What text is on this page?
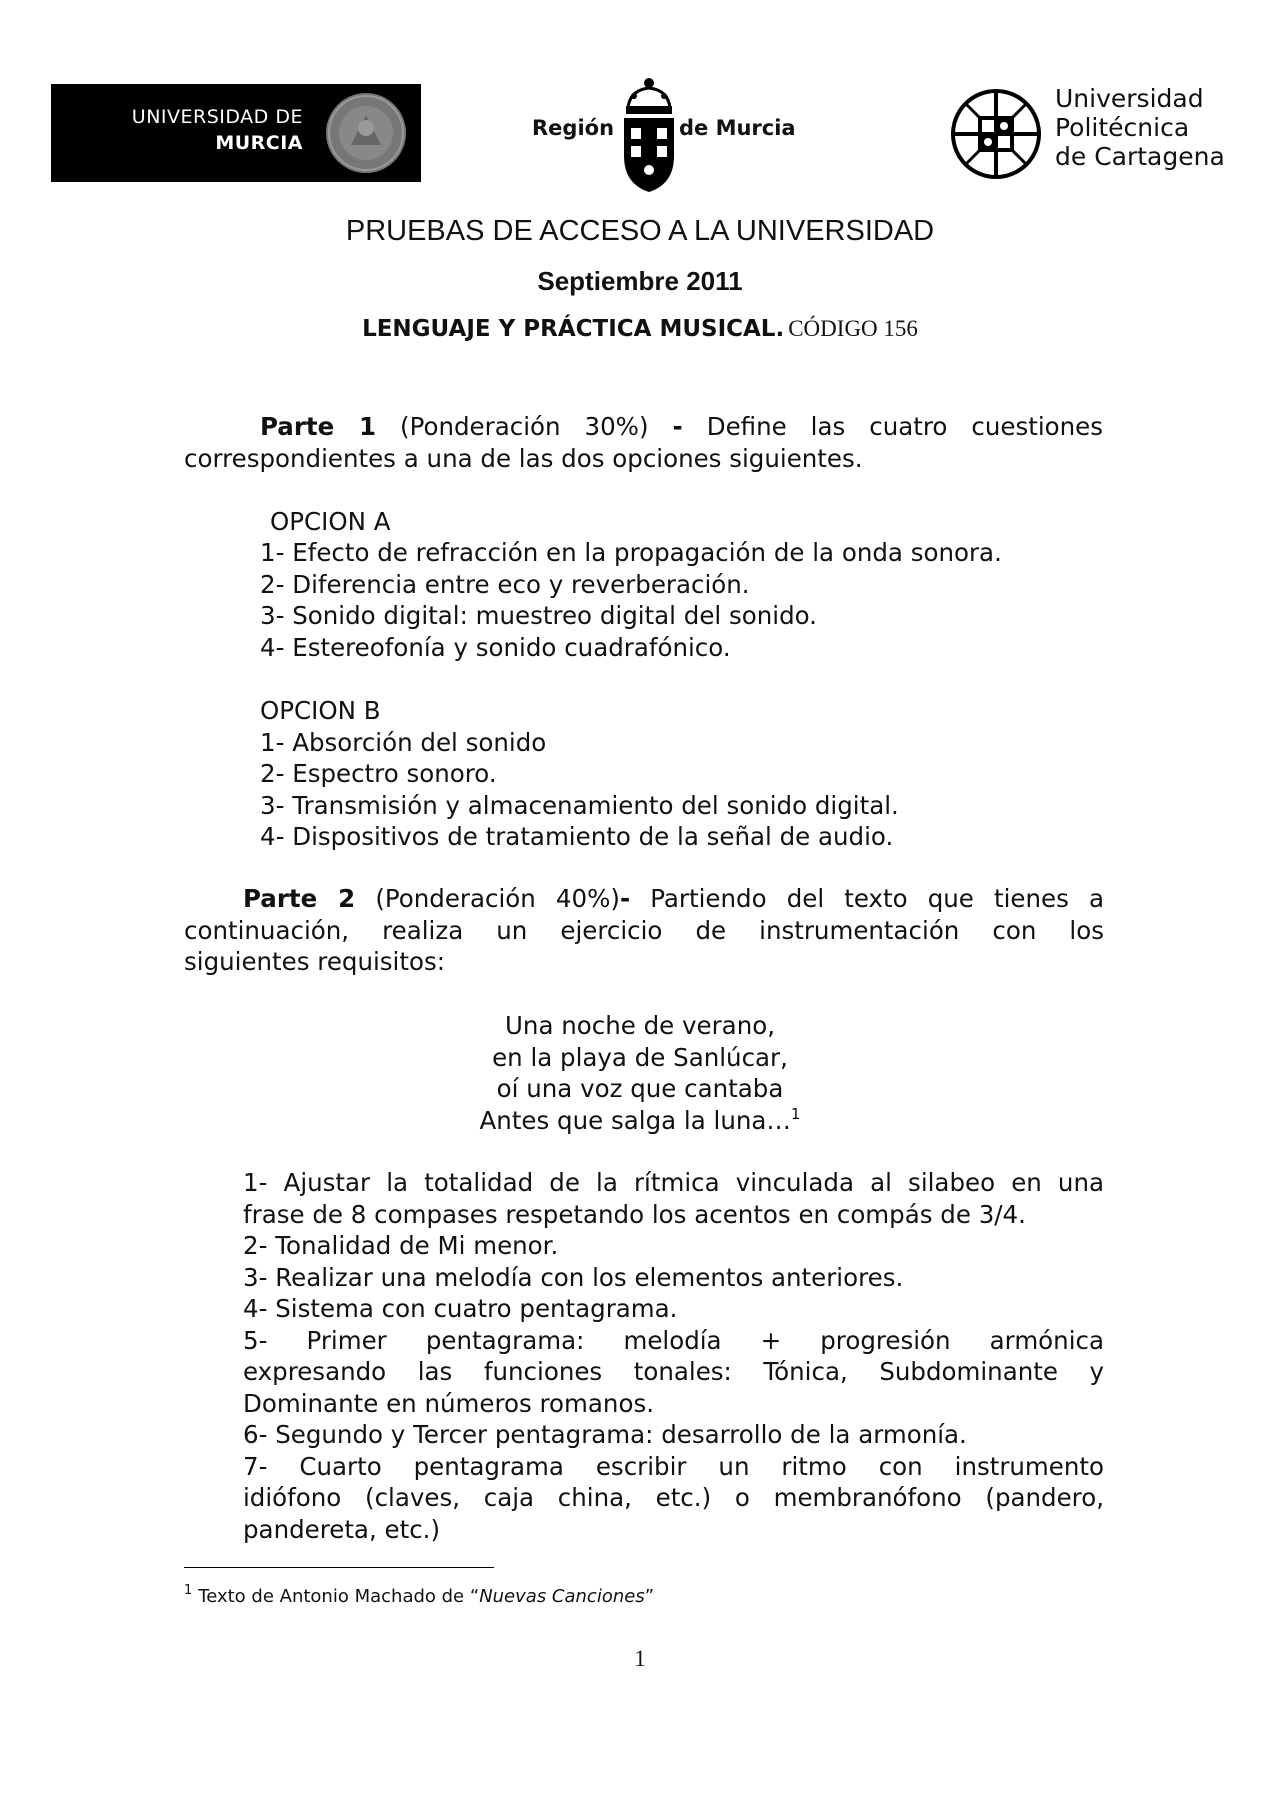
UNIVERSIDAD DE
MURCIA
Región	de Murcia
Universidad
Politécnica
de Cartagena
PRUEBAS DE ACCESO A LA UNIVERSIDAD
Septiembre 2011
LENGUAJE Y PRÁCTICA MUSICAL. CÓDIGO 156
Parte 1 (Ponderación 30%) - Define las cuatro cuestiones
correspondientes a una de las dos opciones siguientes.
OPCION A
1- Efecto de refracción en la propagación de la onda sonora.
2- Diferencia entre eco y reverberación.
3- Sonido digital: muestreo digital del sonido.
4- Estereofonía y sonido cuadrafónico.
OPCION B
1- Absorción del sonido
2- Espectro sonoro.
3- Transmisión y almacenamiento del sonido digital.
4- Dispositivos de tratamiento de la señal de audio.
Parte 2 (Ponderación 40%)- Partiendo del texto que tienes a
continuación, realiza un ejercicio de instrumentación con los
siguientes requisitos:
Una noche de verano,
en la playa de Sanlúcar,
oí una voz que cantaba
Antes que salga la luna…$^1$
1- Ajustar la totalidad de la rítmica vinculada al silabeo en una
frase de 8 compases respetando los acentos en compás de 3/4.
2- Tonalidad de Mi menor.
3- Realizar una melodía con los elementos anteriores.
4- Sistema con cuatro pentagrama.
5- Primer pentagrama: melodía + progresión armónica
expresando las funciones tonales: Tónica, Subdominante y
Dominante en números romanos.
6- Segundo y Tercer pentagrama: desarrollo de la armonía.
7- Cuarto pentagrama escribir un ritmo con instrumento
idiófono (claves, caja china, etc.) o membranófono (pandero,
pandereta, etc.)
$^1$ Texto de Antonio Machado de “Nuevas Canciones”
1
